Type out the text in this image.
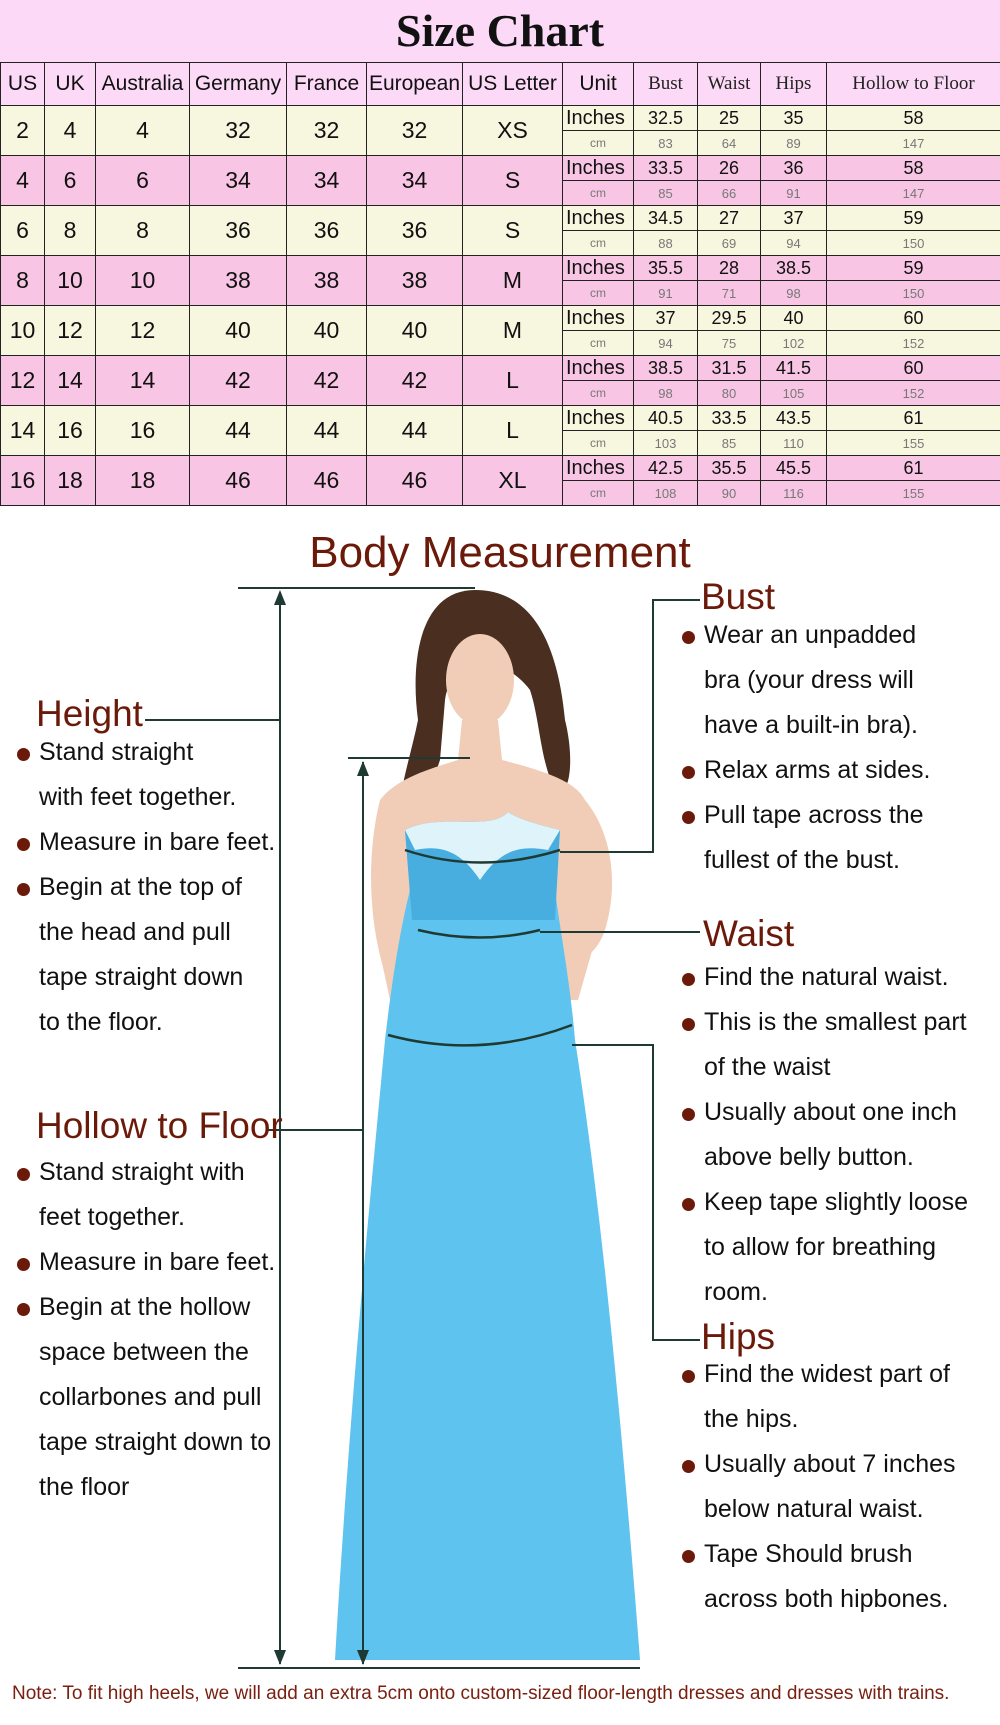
Size Chart
US	UK	Australia	Germany	France	European	US Letter	Unit	Bust	Waist	Hips	Hollow to Floor
2	4	4	32	32	32	XS	Inches	32.5	25	35	58
							cm	83	64	89	147
4	6	6	34	34	34	S	Inches	33.5	26	36	58
							cm	85	66	91	147
6	8	8	36	36	36	S	Inches	34.5	27	37	59
							cm	88	69	94	150
8	10	10	38	38	38	M	Inches	35.5	28	38.5	59
							cm	91	71	98	150
10	12	12	40	40	40	M	Inches	37	29.5	40	60
							cm	94	75	102	152
12	14	14	42	42	42	L	Inches	38.5	31.5	41.5	60
							cm	98	80	105	152
14	16	16	44	44	44	L	Inches	40.5	33.5	43.5	61
							cm	103	85	110	155
16	18	18	46	46	46	XL	Inches	42.5	35.5	45.5	61
							cm	108	90	116	155
Body Measurement
Height
Stand straight
with feet together.
Measure in bare feet.
Begin at the top of
the head and pull
tape straight down
to the floor.
Hollow to Floor
Stand straight with
feet together.
Measure in bare feet.
Begin at the hollow
space between the
collarbones and pull
tape straight down to
the floor
Bust
Wear an unpadded
bra (your dress will
have a built-in bra).
Relax arms at sides.
Pull tape across the
fullest of the bust.
Waist
Find the natural waist.
This is the smallest part
of the waist
Usually about one inch
above belly button.
Keep tape slightly loose
to allow for breathing
room.
Hips
Find the widest part of
the hips.
Usually about 7 inches
below natural waist.
Tape Should brush
across both hipbones.
Note: To fit high heels, we will add an extra 5cm onto custom-sized floor-length dresses and dresses with trains.
